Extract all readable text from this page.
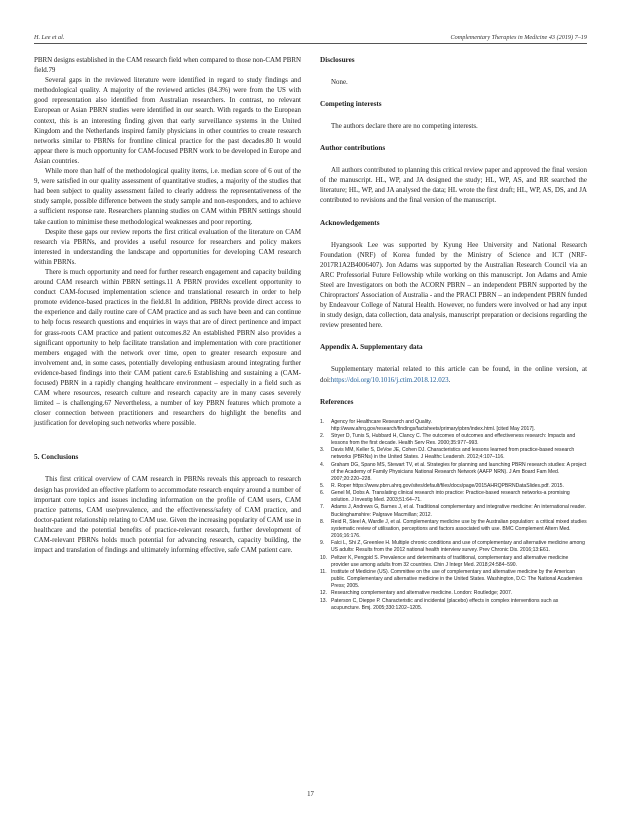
H. Lee et al.	Complementary Therapies in Medicine 43 (2019) 7–19

PBRN designs established in the CAM research field when compared to those non-CAM PBRN field.79

Several gaps in the reviewed literature were identified in regard to study findings and methodological quality. A majority of the reviewed articles (84.3%) were from the US with good representation also identified from Australian researchers. In contrast, no relevant European or Asian PBRN studies were identified in our search. With regards to the European context, this is an interesting finding given that early surveillance systems in the United Kingdom and the Netherlands inspired family physicians in other countries to create research networks similar to PBRNs for frontline clinical practice for the past decades.80 It would appear there is much opportunity for CAM-focused PBRN work to be developed in Europe and Asian countries.

While more than half of the methodological quality items, i.e. median score of 6 out of the 9, were satisfied in our quality assessment of quantitative studies, a majority of the studies that had been subject to quality assessment failed to clearly address the representativeness of the study sample, possible difference between the study sample and non-responders, and to achieve a sufficient response rate. Researchers planning studies on CAM within PBRN settings should take caution to minimise these methodological weaknesses and poor reporting.

Despite these gaps our review reports the first critical evaluation of the literature on CAM research via PBRNs, and provides a useful resource for researchers and policy makers interested in understanding the landscape and opportunities for developing CAM research within PBRNs.

There is much opportunity and need for further research engagement and capacity building around CAM research within PBRN settings.11 A PBRN provides excellent opportunity to conduct CAM-focused implementation science and translational research in order to help promote evidence-based practices in the field.81 In addition, PBRNs provide direct access to the experience and daily routine care of CAM practice and as such have been and can continue to help focus research questions and enquiries in ways that are of direct pertinence and impact for grass-roots CAM practice and patient outcomes.82 An established PBRN also provides a significant opportunity to help facilitate translation and implementation with core practitioner members engaged with the network over time, open to greater research exposure and involvement and, in some cases, potentially developing enthusiasm around integrating further evidence-based findings into their CAM patient care.6 Establishing and sustaining a (CAM-focused) PBRN in a rapidly changing healthcare environment – especially in a field such as CAM where resources, research culture and research capacity are in many cases severely limited – is challenging.67 Nevertheless, a number of key PBRN features which promote a closer connection between practitioners and researchers do highlight the benefits and justification for developing such networks where possible.

5. Conclusions

This first critical overview of CAM research in PBRNs reveals this approach to research design has provided an effective platform to accommodate research enquiry around a number of important core topics and issues including information on the profile of CAM users, CAM practice patterns, CAM use/prevalence, and the effectiveness/safety of CAM practice, and doctor-patient relationship relating to CAM use. Given the increasing popularity of CAM use in healthcare and the potential benefits of practice-relevant research, further development of CAM-relevant PBRNs holds much potential for advancing research, capacity building, the impact and translation of findings and ultimately informing effective, safe CAM patient care.

Disclosures

None.

Competing interests

The authors declare there are no competing interests.

Author contributions

All authors contributed to planning this critical review paper and approved the final version of the manuscript. HL, WP, and JA designed the study; HL, WP, AS, and RR searched the literature; HL, WP, and JA analysed the data; HL wrote the first draft; HL, WP, AS, DS, and JA contributed to revisions and the final version of the manuscript.

Acknowledgements

Hyangsook Lee was supported by Kyung Hee University and National Research Foundation (NRF) of Korea funded by the Ministry of Science and ICT (NRF-2017R1A2B4006407). Jon Adams was supported by the Australian Research Council via an ARC Professorial Future Fellowship while working on this manuscript. Jon Adams and Amie Steel are Investigators on both the ACORN PBRN – an independent PBRN supported by the Chiropractors' Association of Australia - and the PRACI PBRN – an independent PBRN funded by Endeavour College of Natural Health. However, no funders were involved or had any input in study design, data collection, data analysis, manuscript preparation or decisions regarding the review presented here.

Appendix A. Supplementary data

Supplementary material related to this article can be found, in the online version, at doi:https://doi.org/10.1016/j.ctim.2018.12.023.

References
1. Agency for Healthcare Research and Quality. http://www.ahrq.gov/research/findings/factsheets/primary/pbrn/index.html. [cited May 2017].
2. Stryer D, Tunis S, Hubbard H, Clancy C. The outcomes of outcomes and effectiveness research: Impacts and lessons from the first decade. Health Serv Res. 2000;35:977–993.
3. Davis MM, Keller S, DeVoe JE, Cohen DJ. Characteristics and lessons learned from practice-based research networks (PBRNs) in the United States. J Healthc Leadersh. 2012;4:107–116.
4. Graham DG, Spano MS, Stewart TV, et al. Strategies for planning and launching PBRN research studies: A project of the Academy of Family Physicians National Research Network (AAFP NRN). J Am Board Fam Med. 2007;20:220–228.
5. R. Roper https://www.pbrn.ahrq.gov/sites/default/files/docs/page/2015AHRQPBRNDataSlides.pdf. 2015.
6. Genel M, Dobs A. Translating clinical research into practice: Practice-based research networks-a promising solution. J Investig Med. 2003;51:64–71.
7. Adams J, Andrews G, Barnes J, et al. Traditional complementary and integrative medicine: An international reader. Buckinghamshire: Palgrave Macmillan; 2012.
8. Reid R, Steel A, Wardle J, et al. Complementary medicine use by the Australian population: a critical mixed studies systematic review of utilisation, perceptions and factors associated with use. BMC Complement Altern Med. 2016;16:176.
9. Falci L, Shi Z, Greenlee H. Multiple chronic conditions and use of complementary and alternative medicine among US adults: Results from the 2012 national health interview survey. Prev Chronic Dis. 2016;13:E61.
10. Peltzer K, Pengpid S. Prevalence and determinants of traditional, complementary and alternative medicine provider use among adults from 32 countries. Chin J Integr Med. 2018;24:584–590.
11. Institute of Medicine (US). Committee on the use of complementary and alternative medicine by the American public. Complementary and alternative medicine in the United States. Washington, D.C: The National Academies Press; 2005.
12. Researching complementary and alternative medicine. London: Routledge; 2007.
13. Paterson C, Dieppe P. Characteristic and incidental (placebo) effects in complex interventions such as acupuncture. Bmj. 2005;330:1202–1205.
17
